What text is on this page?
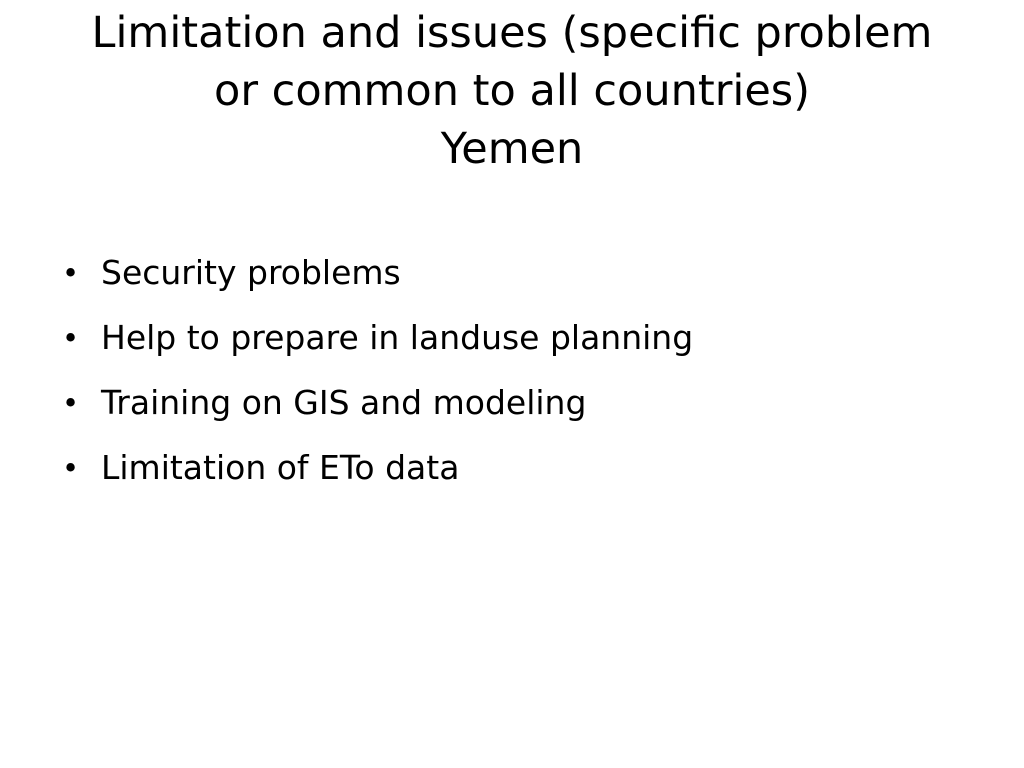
Limitation and issues (specific problem
or common to all countries)
Yemen
• Security problems
• Help to prepare in landuse planning
• Training on GIS and modeling
• Limitation of ETo data
